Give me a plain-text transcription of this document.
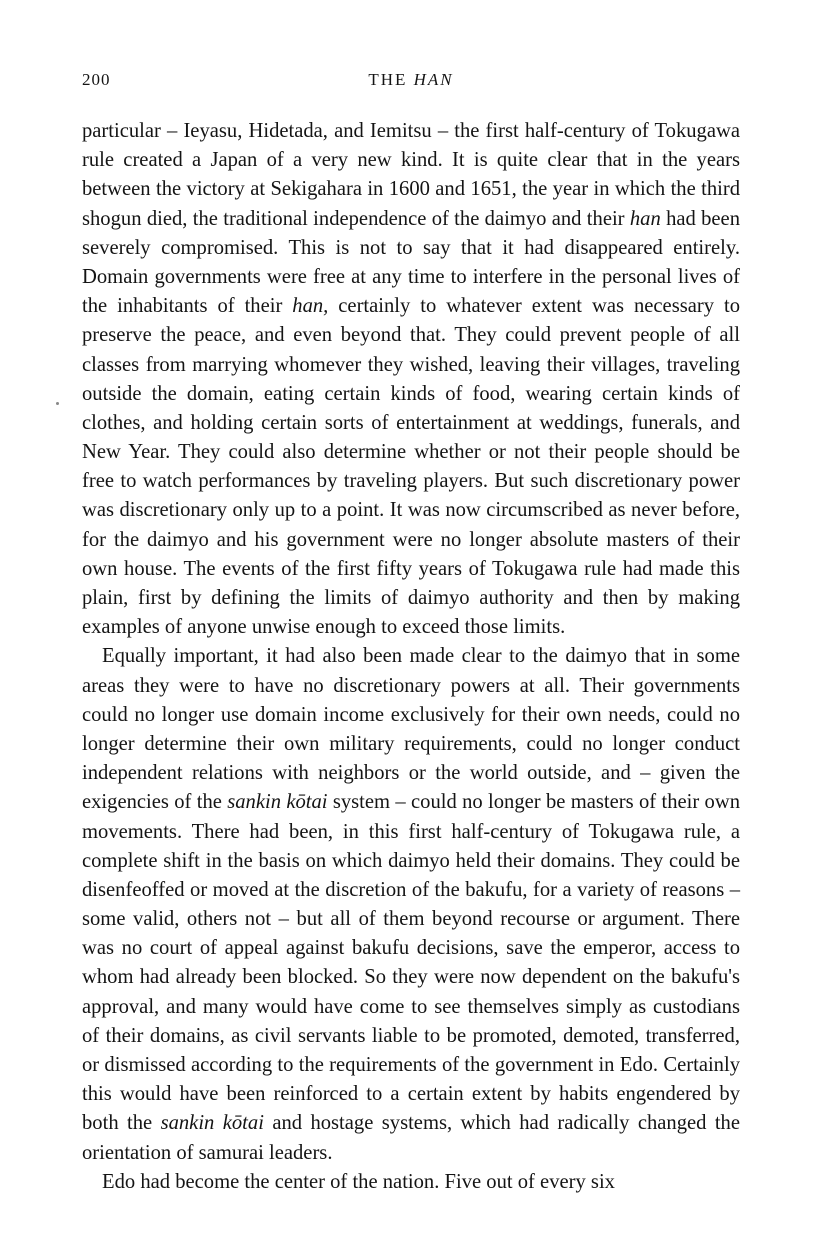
200	THE HAN

particular – Ieyasu, Hidetada, and Iemitsu – the first half-century of Tokugawa rule created a Japan of a very new kind. It is quite clear that in the years between the victory at Sekigahara in 1600 and 1651, the year in which the third shogun died, the traditional independence of the daimyo and their han had been severely compromised. This is not to say that it had disappeared entirely. Domain governments were free at any time to interfere in the personal lives of the inhabitants of their han, certainly to whatever extent was necessary to preserve the peace, and even beyond that. They could prevent people of all classes from marrying whomever they wished, leaving their villages, traveling outside the domain, eating certain kinds of food, wearing certain kinds of clothes, and holding certain sorts of entertainment at weddings, funerals, and New Year. They could also determine whether or not their people should be free to watch performances by traveling players. But such discretionary power was discretionary only up to a point. It was now circumscribed as never before, for the daimyo and his government were no longer absolute masters of their own house. The events of the first fifty years of Tokugawa rule had made this plain, first by defining the limits of daimyo authority and then by making examples of anyone unwise enough to exceed those limits.

Equally important, it had also been made clear to the daimyo that in some areas they were to have no discretionary powers at all. Their governments could no longer use domain income exclusively for their own needs, could no longer determine their own military requirements, could no longer conduct independent relations with neighbors or the world outside, and – given the exigencies of the sankin kōtai system – could no longer be masters of their own movements. There had been, in this first half-century of Tokugawa rule, a complete shift in the basis on which daimyo held their domains. They could be disenfeoffed or moved at the discretion of the bakufu, for a variety of reasons – some valid, others not – but all of them beyond recourse or argument. There was no court of appeal against bakufu decisions, save the emperor, access to whom had already been blocked. So they were now dependent on the bakufu's approval, and many would have come to see themselves simply as custodians of their domains, as civil servants liable to be promoted, demoted, transferred, or dismissed according to the requirements of the government in Edo. Certainly this would have been reinforced to a certain extent by habits engendered by both the sankin kōtai and hostage systems, which had radically changed the orientation of samurai leaders.

Edo had become the center of the nation. Five out of every six
